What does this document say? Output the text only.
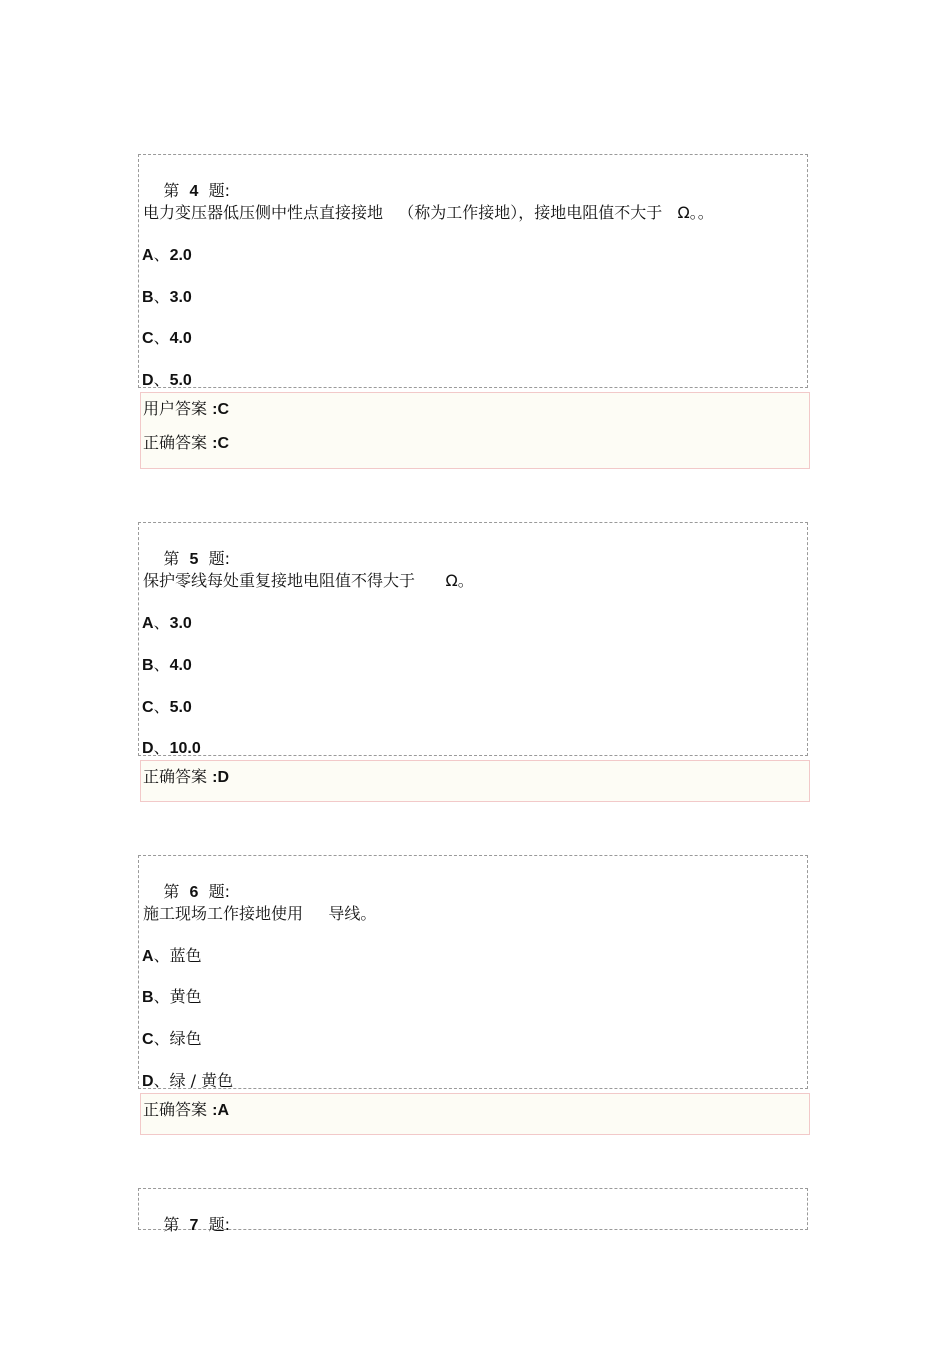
第 4 题:

电力变压器低压侧中性点直接接地   （称为工作接地），接地电阻值不大于   Ω。。
A、2.0
B、3.0
C、4.0
D、5.0
用户答案 :C
正确答案 :C

第 5 题:

保护零线每处重复接地电阻值不得大于      Ω。
A、3.0
B、4.0
C、5.0
D、10.0
正确答案 :D

第 6 题:

施工现场工作接地使用     导线。
A、蓝色
B、黄色
C、绿色
D、绿 / 黄色
正确答案 :A

第 7 题:
